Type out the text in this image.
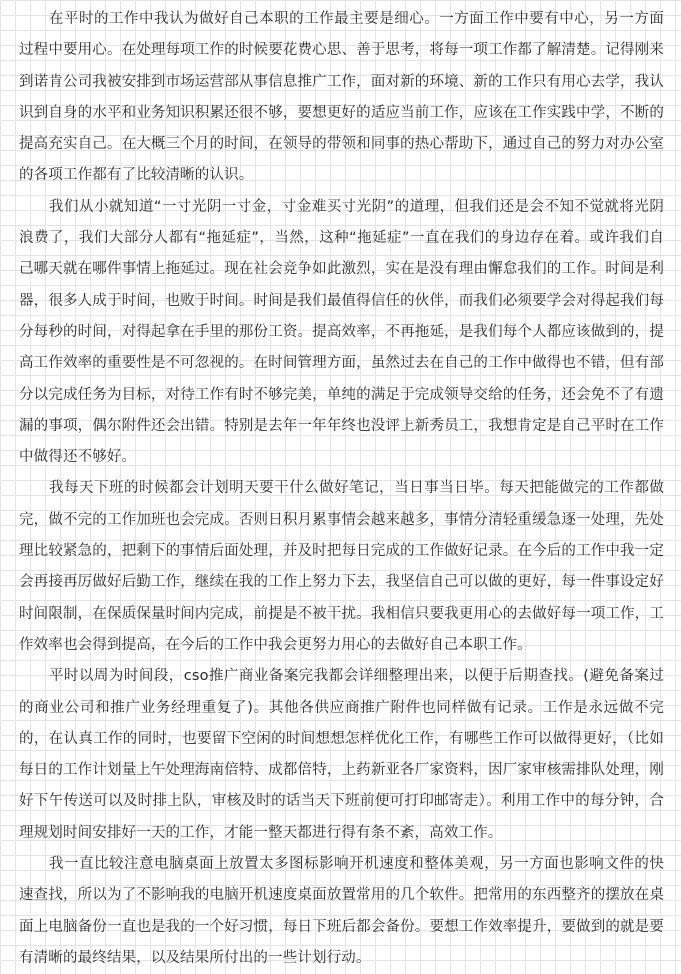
在平时的工作中我认为做好自己本职的工作最主要是细心。一方面工作中要有中心，另一方面过程中要用心。在处理每项工作的时候要花费心思、善于思考，将每一项工作都了解清楚。记得刚来到诺肯公司我被安排到市场运营部从事信息推广工作，面对新的环境、新的工作只有用心去学，我认识到自身的水平和业务知识积累还很不够，要想更好的适应当前工作，应该在工作实践中学，不断的提高充实自己。在大概三个月的时间，在领导的带领和同事的热心帮助下，通过自己的努力对办公室的各项工作都有了比较清晰的认识。

我们从小就知道“一寸光阴一寸金，寸金难买寸光阴”的道理，但我们还是会不知不觉就将光阴浪费了，我们大部分人都有“拖延症”，当然，这种“拖延症”一直在我们的身边存在着。或许我们自己哪天就在哪件事情上拖延过。现在社会竞争如此激烈，实在是没有理由懈怠我们的工作。时间是利器，很多人成于时间，也败于时间。时间是我们最值得信任的伙伴，而我们必须要学会对得起我们每分每秒的时间，对得起拿在手里的那份工资。提高效率，不再拖延，是我们每个人都应该做到的，提高工作效率的重要性是不可忽视的。在时间管理方面，虽然过去在自己的工作中做得也不错，但有部分以完成任务为目标，对待工作有时不够完美，单纯的满足于完成领导交给的任务，还会免不了有遗漏的事项，偶尔附件还会出错。特别是去年一年年终也没评上新秀员工，我想肯定是自己平时在工作中做得还不够好。

我每天下班的时候都会计划明天要干什么做好笔记，当日事当日毕。每天把能做完的工作都做完，做不完的工作加班也会完成。否则日积月累事情会越来越多，事情分清轻重缓急逐一处理，先处理比较紧急的，把剩下的事情后面处理，并及时把每日完成的工作做好记录。在今后的工作中我一定会再接再厉做好后勤工作，继续在我的工作上努力下去，我坚信自己可以做的更好，每一件事设定好时间限制，在保质保量时间内完成，前提是不被干扰。我相信只要我更用心的去做好每一项工作，工作效率也会得到提高，在今后的工作中我会更努力用心的去做好自己本职工作。

平时以周为时间段，cso推广商业备案完我都会详细整理出来，以便于后期查找。(避免备案过的商业公司和推广业务经理重复了)。其他各供应商推广附件也同样做有记录。工作是永远做不完的，在认真工作的同时，也要留下空闲的时间想想怎样优化工作，有哪些工作可以做得更好，（比如每日的工作计划量上午处理海南倍特、成都倍特，上药新亚各厂家资料，因厂家审核需排队处理，刚好下午传送可以及时排上队，审核及时的话当天下班前便可打印邮寄走）。利用工作中的每分钟，合理规划时间安排好一天的工作，才能一整天都进行得有条不紊，高效工作。

我一直比较注意电脑桌面上放置太多图标影响开机速度和整体美观，另一方面也影响文件的快速查找，所以为了不影响我的电脑开机速度桌面放置常用的几个软件。把常用的东西整齐的摆放在桌面上电脑备份一直也是我的一个好习惯，每日下班后都会备份。要想工作效率提升，要做到的就是要有清晰的最终结果，以及结果所付出的一些计划行动。
